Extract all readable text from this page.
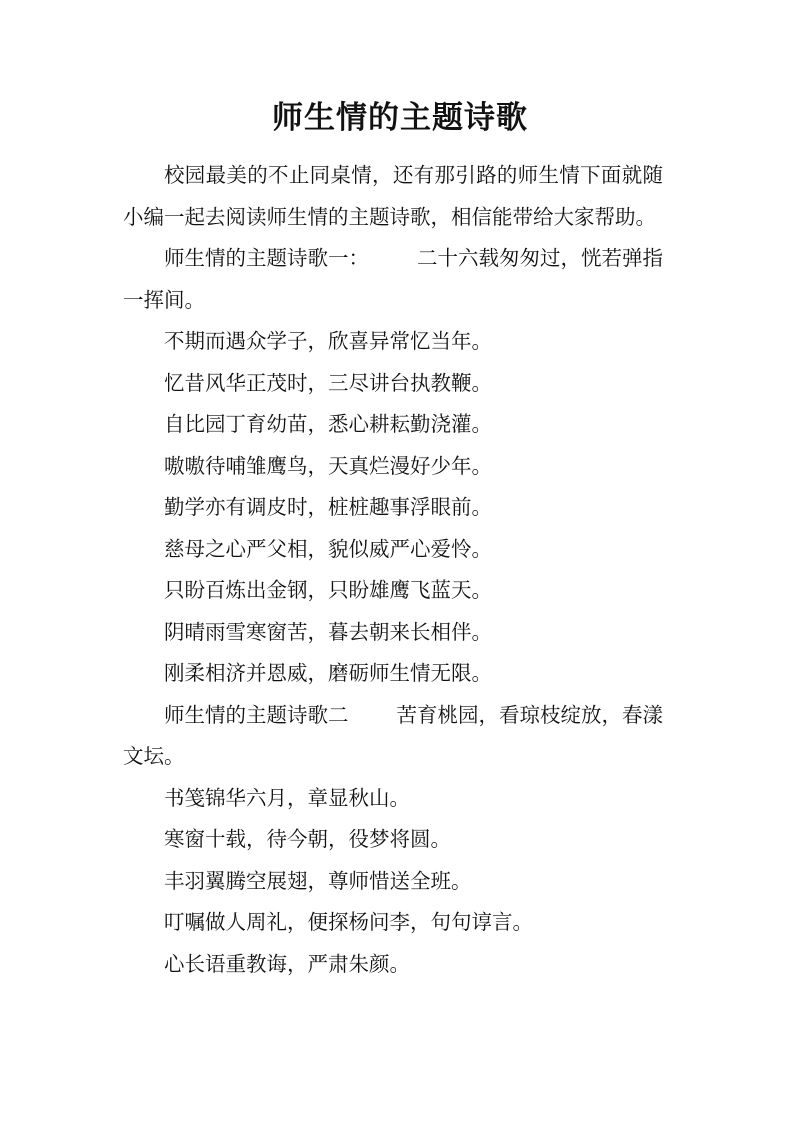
师生情的主题诗歌

校园最美的不止同桌情，还有那引路的师生情下面就随小编一起去阅读师生情的主题诗歌，相信能带给大家帮助。

师生情的主题诗歌一： 二十六载匆匆过，恍若弹指一挥间。

不期而遇众学子，欣喜异常忆当年。

忆昔风华正茂时，三尽讲台执教鞭。

自比园丁育幼苗，悉心耕耘勤浇灌。

嗷嗷待哺雏鹰鸟，天真烂漫好少年。

勤学亦有调皮时，桩桩趣事浮眼前。

慈母之心严父相，貌似威严心爱怜。

只盼百炼出金钢，只盼雄鹰飞蓝天。

阴晴雨雪寒窗苦，暮去朝来长相伴。

刚柔相济并恩威，磨砺师生情无限。

师生情的主题诗歌二 苦育桃园，看琼枝绽放，春漾文坛。

书笺锦华六月，章显秋山。

寒窗十载，待今朝，役梦将圆。

丰羽翼腾空展翅，尊师惜送全班。

叮嘱做人周礼，便探杨问李，句句谆言。

心长语重教诲，严肃朱颜。
